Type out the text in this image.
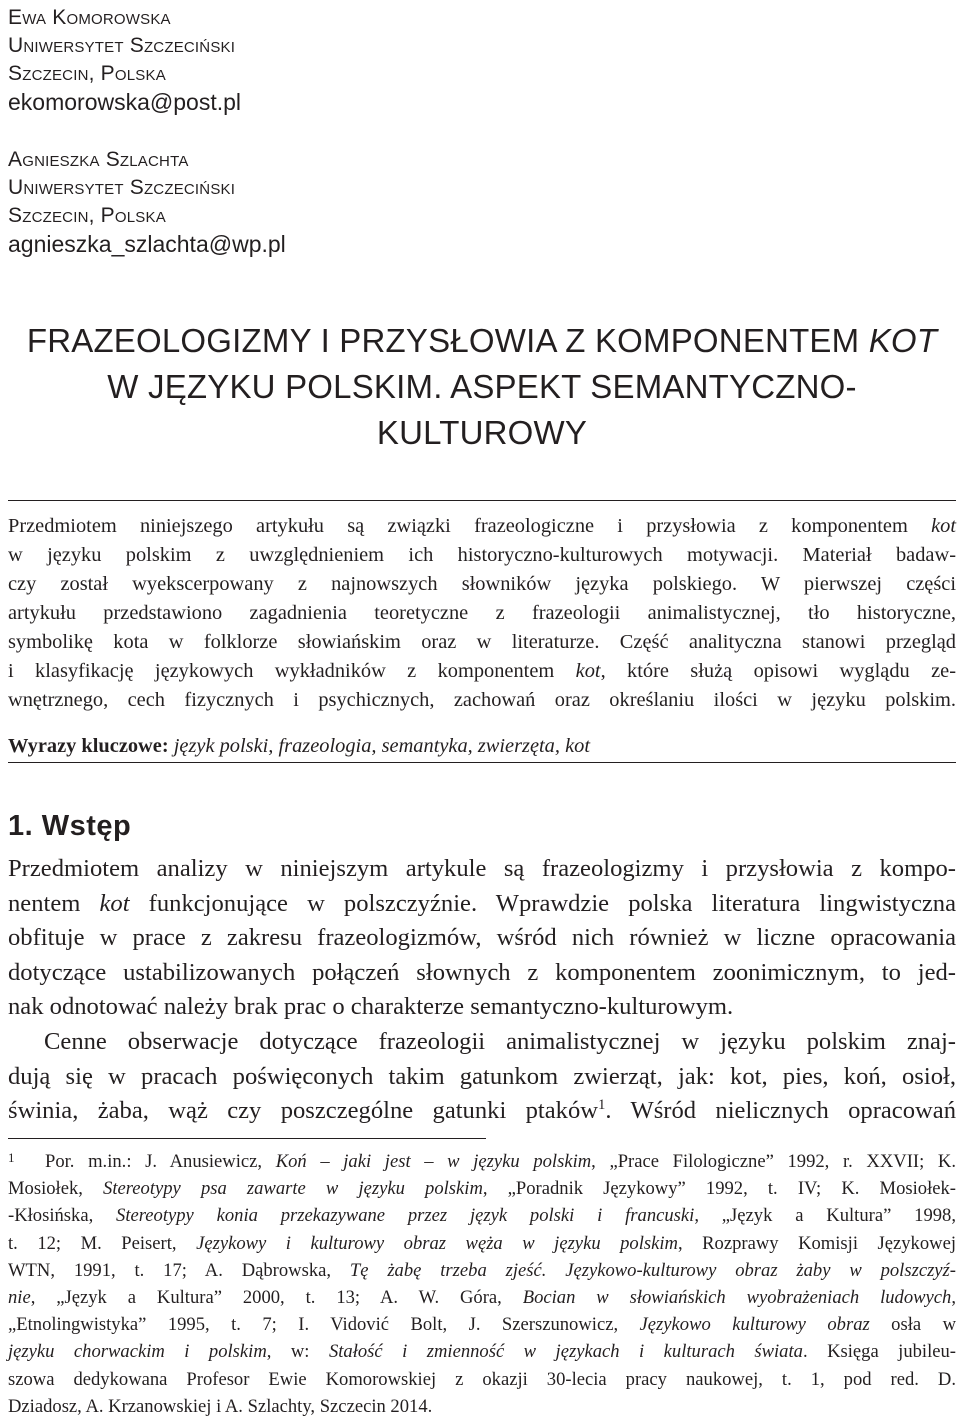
Ewa Komorowska
Uniwersytet Szczeciński
Szczecin, Polska
ekomorowska@post.pl
Agnieszka Szlachta
Uniwersytet Szczeciński
Szczecin, Polska
agnieszka_szlachta@wp.pl
FRAZEOLOGIZMY I PRZYSŁOWIA Z KOMPONENTEM KOT
W JĘZYKU POLSKIM. ASPEKT SEMANTYCZNO-
KULTUROWY
Przedmiotem niniejszego artykułu są związki frazeologiczne i przysłowia z komponentem kot
w języku polskim z uwzględnieniem ich historyczno-kulturowych motywacji. Materiał badaw-
czy został wyekscerpowany z najnowszych słowników języka polskiego. W pierwszej części
artykułu przedstawiono zagadnienia teoretyczne z frazeologii animalistycznej, tło historyczne,
symbolikę kota w folklorze słowiańskim oraz w literaturze. Część analityczna stanowi przegląd
i klasyfikację językowych wykładników z komponentem kot, które służą opisowi wyglądu ze-
wnętrznego, cech fizycznych i psychicznych, zachowań oraz określaniu ilości w języku polskim.
Wyrazy kluczowe: język polski, frazeologia, semantyka, zwierzęta, kot
1. Wstęp

Przedmiotem analizy w niniejszym artykule są frazeologizmy i przysłowia z kompo-
nentem kot funkcjonujące w polszczyźnie. Wprawdzie polska literatura lingwistyczna
obfituje w prace z zakresu frazeologizmów, wśród nich również w liczne opracowania
dotyczące ustabilizowanych połączeń słownych z komponentem zoonimicznym, to jed-
nak odnotować należy brak prac o charakterze semantyczno-kulturowym.

Cenne obserwacje dotyczące frazeologii animalistycznej w języku polskim znaj-
dują się w pracach poświęconych takim gatunkom zwierząt, jak: kot, pies, koń, osioł,
świnia, żaba, wąż czy poszczególne gatunki ptaków$^1$. Wśród nielicznych opracowań

1 Por. m.in.: J. Anusiewicz, Koń – jaki jest – w języku polskim, „Prace Filologiczne” 1992, r. XXVII; K.
Mosiołek, Stereotypy psa zawarte w języku polskim, „Poradnik Językowy” 1992, t. IV; K. Mosiołek-
-Kłosińska, Stereotypy konia przekazywane przez język polski i francuski, „Język a Kultura” 1998,
t. 12; M. Peisert, Językowy i kulturowy obraz węża w języku polskim, Rozprawy Komisji Językowej
WTN, 1991, t. 17; A. Dąbrowska, Tę żabę trzeba zjeść. Językowo-kulturowy obraz żaby w polszczyź-
nie, „Język a Kultura” 2000, t. 13; A. W. Góra, Bocian w słowiańskich wyobrażeniach ludowych,
„Etnolingwistyka” 1995, t. 7; I. Vidović Bolt, J. Szerszunowicz, Językowo kulturowy obraz osła w
języku chorwackim i polskim, w: Stałość i zmienność w językach i kulturach świata. Księga jubileu-
szowa dedykowana Profesor Ewie Komorowskiej z okazji 30-lecia pracy naukowej, t. 1, pod red. D.
Dziadosz, A. Krzanowskiej i A. Szlachty, Szczecin 2014.
